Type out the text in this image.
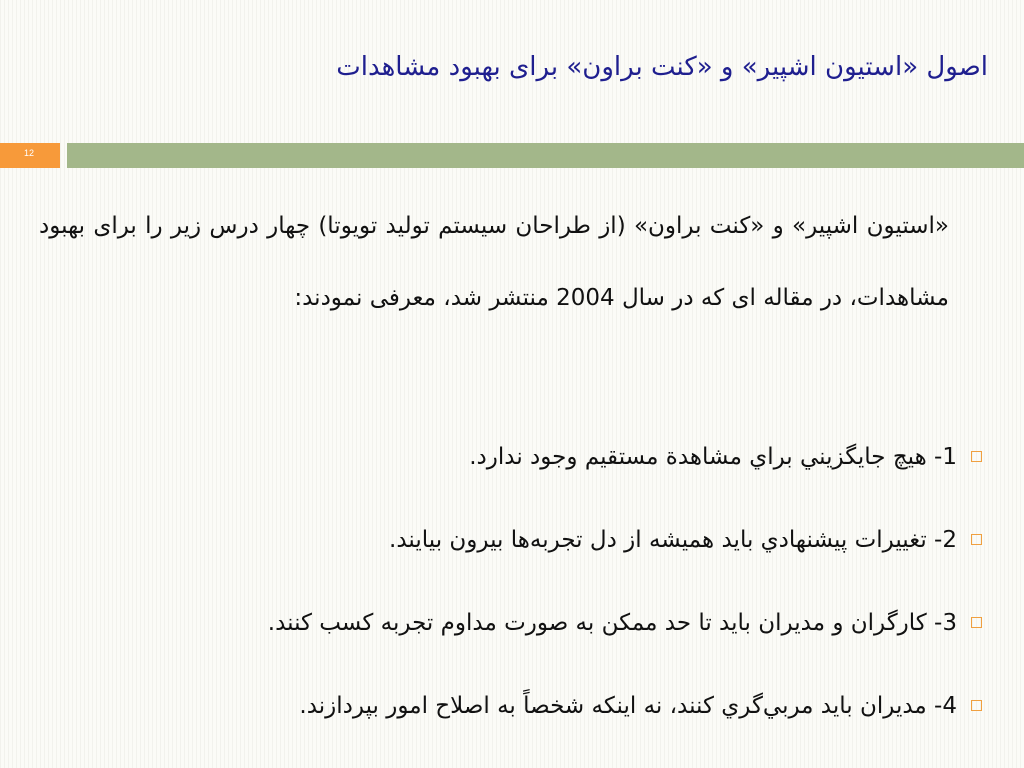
اصول «استیون اشپیر» و «کنت براون» برای بهبود مشاهدات
12

«استیون اشپیر» و «کنت براون» (از طراحان سیستم تولید تویوتا) چهار درس زیر را برای بهبود مشاهدات، در مقاله ای که در سال 2004 منتشر شد، معرفی نمودند:

1- هيچ جايگزيني براي مشاهدة مستقيم وجود ندارد.
2- تغييرات پيشنهادي بايد هميشه از دل تجربه‌ها بيرون بيايند.
3- كارگران و مديران بايد تا حد ممكن به صورت مداوم تجربه كسب كنند.
4- مديران بايد مربي‌گري كنند، نه اينكه شخصاً به اصلاح امور بپردازند.
